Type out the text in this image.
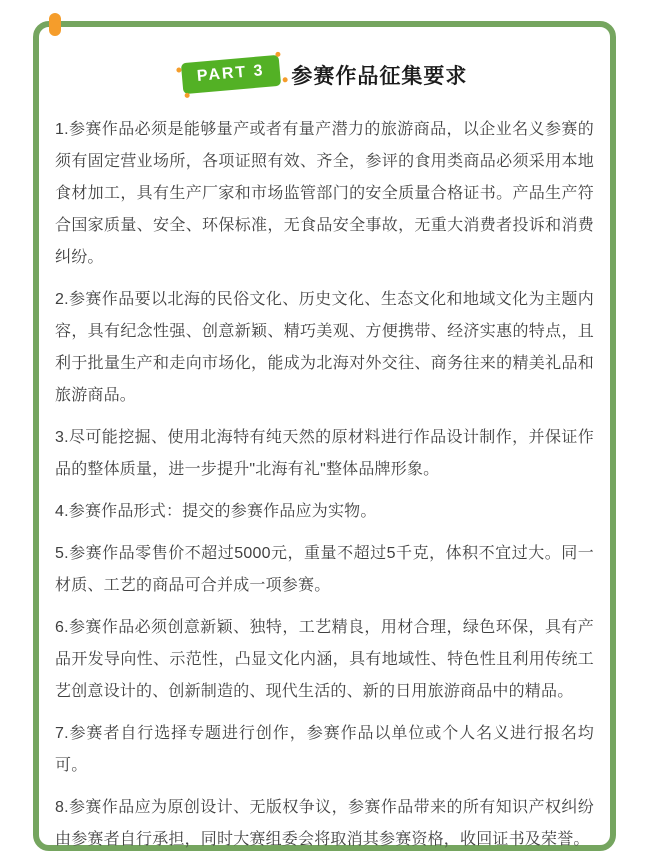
PART 3	参赛作品征集要求

1.参赛作品必须是能够量产或者有量产潜力的旅游商品，以企业名义参赛的须有固定营业场所，各项证照有效、齐全，参评的食用类商品必须采用本地食材加工，具有生产厂家和市场监管部门的安全质量合格证书。产品生产符合国家质量、安全、环保标准，无食品安全事故，无重大消费者投诉和消费纠纷。

2.参赛作品要以北海的民俗文化、历史文化、生态文化和地域文化为主题内容，具有纪念性强、创意新颖、精巧美观、方便携带、经济实惠的特点，且利于批量生产和走向市场化，能成为北海对外交往、商务往来的精美礼品和旅游商品。

3.尽可能挖掘、使用北海特有纯天然的原材料进行作品设计制作，并保证作品的整体质量，进一步提升"北海有礼"整体品牌形象。

4.参赛作品形式：提交的参赛作品应为实物。

5.参赛作品零售价不超过5000元，重量不超过5千克，体积不宜过大。同一材质、工艺的商品可合并成一项参赛。

6.参赛作品必须创意新颖、独特，工艺精良，用材合理，绿色环保，具有产品开发导向性、示范性，凸显文化内涵，具有地域性、特色性且利用传统工艺创意设计的、创新制造的、现代生活的、新的日用旅游商品中的精品。

7.参赛者自行选择专题进行创作，参赛作品以单位或个人名义进行报名均可。

8.参赛作品应为原创设计、无版权争议，参赛作品带来的所有知识产权纠纷由参赛者自行承担，同时大赛组委会将取消其参赛资格，收回证书及荣誉。
